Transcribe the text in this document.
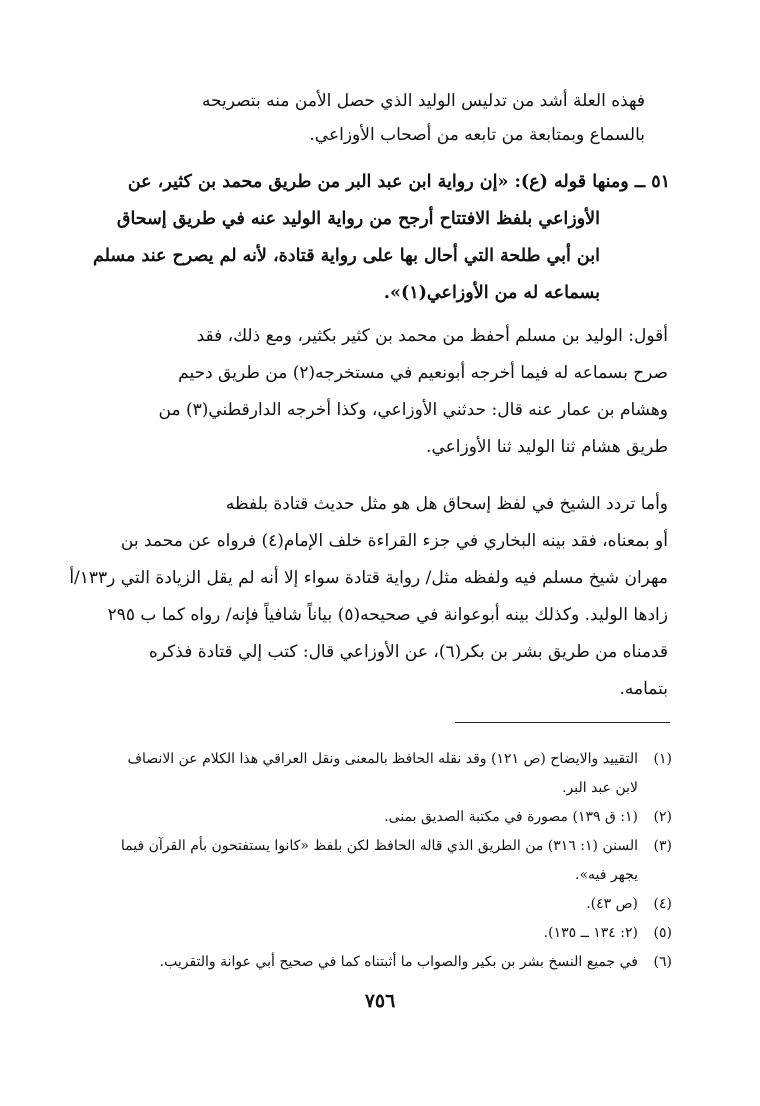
فهذه العلة أشد من تدليس الوليد الذي حصل الأمن منه بتصريحه
بالسماع وبمتابعة من تابعه من أصحاب الأوزاعي.
٥١ ــ ومنها قوله (ع): «إن رواية ابن عبد البر من طريق محمد بن كثير، عن
الأوزاعي بلفظ الافتتاح أرجح من رواية الوليد عنه في طريق إسحاق
ابن أبي طلحة التي أحال بها على رواية قتادة، لأنه لم يصرح عند مسلم
بسماعه له من الأوزاعي(١)».
أقول: الوليد بن مسلم أحفظ من محمد بن كثير بكثير، ومع ذلك، فقد
صرح بسماعه له فيما أخرجه أبونعيم في مستخرجه(٢) من طريق دحيم
وهشام بن عمار عنه قال: حدثني الأوزاعي، وكذا أخرجه الدارقطني(٣) من
طريق هشام ثنا الوليد ثنا الأوزاعي.
وأما تردد الشيخ في لفظ إسحاق هل هو مثل حديث قتادة بلفظه
أو بمعناه، فقد بينه البخاري في جزء القراءة خلف الإمام(٤) فرواه عن محمد بن
مهران شيخ مسلم فيه ولفظه مثل/ رواية قتادة سواء إلا أنه لم يقل الزيادة التي ر١٣٣/أ
زادها الوليد. وكذلك بينه أبوعوانة في صحيحه(٥) بياناً شافياً فإنه/ رواه كما ب ٢٩٥
قدمناه من طريق بشر بن بكر(٦)، عن الأوزاعي قال: كتب إلي قتادة فذكره
بتمامه.
(١)
التقييد والايضاح (ص ١٢١) وقد نقله الحافظ بالمعنى ونقل العراقي هذا الكلام عن الانصاف
لابن عبد البر.
(٢)
(١: ق ١٣٩) مصورة في مكتبة الصديق بمنى.
(٣)
السنن (١: ٣١٦) من الطريق الذي قاله الحافظ لكن بلفظ «كانوا يستفتحون بأم القرآن فيما
يجهر فيه».
(٤)
(ص ٤٣).
(٥)
(٢: ١٣٤ ــ ١٣٥).
(٦)
في جميع النسخ بشر بن بكير والصواب ما أثبتناه كما في صحيح أبي عوانة والتقريب.
٧٥٦
